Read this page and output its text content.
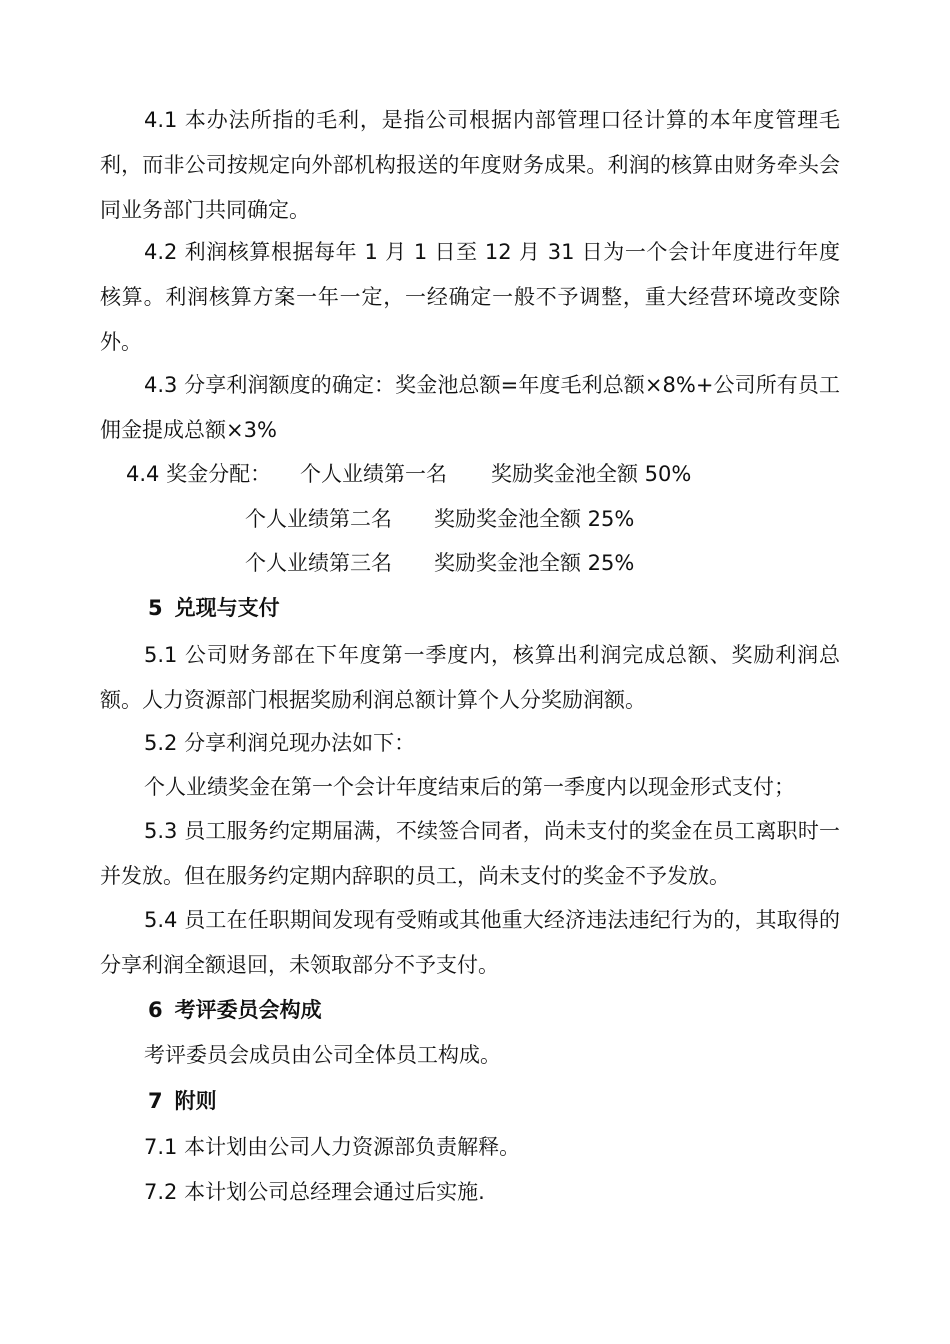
4.1 本办法所指的毛利，是指公司根据内部管理口径计算的本年度管理毛利，而非公司按规定向外部机构报送的年度财务成果。利润的核算由财务牵头会同业务部门共同确定。
4.2 利润核算根据每年 1 月 1 日至 12 月 31 日为一个会计年度进行年度核算。利润核算方案一年一定，一经确定一般不予调整，重大经营环境改变除外。
4.3 分享利润额度的确定：奖金池总额=年度毛利总额×8%+公司所有员工佣金提成总额×3%
4.4 奖金分配： 个人业绩第一名 奖励奖金池全额 50%
个人业绩第二名 奖励奖金池全额 25%
个人业绩第三名 奖励奖金池全额 25%
5 兑现与支付
5.1 公司财务部在下年度第一季度内，核算出利润完成总额、奖励利润总额。人力资源部门根据奖励利润总额计算个人分奖励润额。
5.2 分享利润兑现办法如下：
个人业绩奖金在第一个会计年度结束后的第一季度内以现金形式支付；
5.3 员工服务约定期届满，不续签合同者，尚未支付的奖金在员工离职时一并发放。但在服务约定期内辞职的员工，尚未支付的奖金不予发放。
5.4 员工在任职期间发现有受贿或其他重大经济违法违纪行为的，其取得的分享利润全额退回，未领取部分不予支付。
6 考评委员会构成
考评委员会成员由公司全体员工构成。
7 附则
7.1 本计划由公司人力资源部负责解释。
7.2 本计划公司总经理会通过后实施.
